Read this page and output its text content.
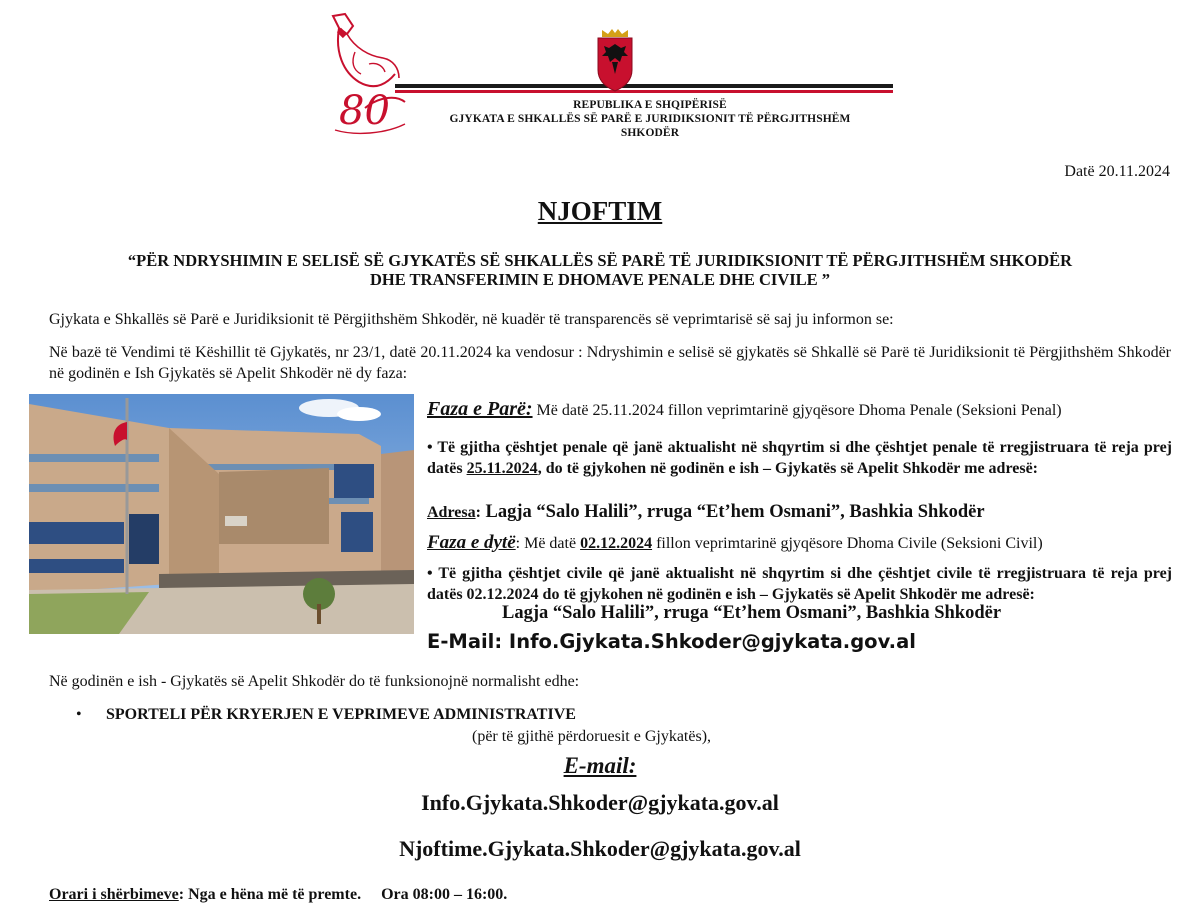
80	REPUBLIKA E SHQIPËRISË
GJYKATA E SHKALLËS SË PARË E JURIDIKSIONIT TË PËRGJITHSHËM
SHKODËR
Datë 20.11.2024
NJOFTIM
“PËR NDRYSHIMIN E SELISË SË GJYKATËS SË SHKALLËS SË PARË TË JURIDIKSIONIT TË PËRGJITHSHËM SHKODËR
DHE TRANSFERIMIN E DHOMAVE PENALE DHE CIVILE ”
Gjykata e Shkallës së Parë e Juridiksionit të Përgjithshëm Shkodër, në kuadër të transparencës së veprimtarisë së saj ju informon se:
Në bazë të Vendimi të Këshillit të Gjykatës, nr 23/1, datë 20.11.2024 ka vendosur : Ndryshimin e selisë së gjykatës së Shkallë së Parë të Juridiksionit të Përgjithshëm Shkodër në godinën e Ish Gjykatës së Apelit Shkodër në dy faza:
Faza e Parë: Më datë 25.11.2024 fillon veprimtarinë gjyqësore Dhoma Penale (Seksioni Penal)
• Të gjitha çështjet penale që janë aktualisht në shqyrtim si dhe çështjet penale të rregjistruara të reja prej datës 25.11.2024, do të gjykohen në godinën e ish – Gjykatës së Apelit Shkodër me adresë:
Adresa: Lagja “Salo Halili”, rruga “Et’hem Osmani”, Bashkia Shkodër
Faza e dytë: Më datë 02.12.2024 fillon veprimtarinë gjyqësore Dhoma Civile (Seksioni Civil)
• Të gjitha çështjet civile që janë aktualisht në shqyrtim si dhe çështjet civile të rregjistruara të reja prej datës 02.12.2024 do të gjykohen në godinën e ish – Gjykatës së Apelit Shkodër me adresë:
Lagja “Salo Halili”, rruga “Et’hem Osmani”, Bashkia Shkodër
E-Mail: Info.Gjykata.Shkoder@gjykata.gov.al
Në godinën e ish - Gjykatës së Apelit Shkodër do të funksionojnë normalisht edhe:
• SPORTELI PËR KRYERJEN E VEPRIMEVE ADMINISTRATIVE
(për të gjithë përdoruesit e Gjykatës),
E-mail:
Info.Gjykata.Shkoder@gjykata.gov.al
Njoftime.Gjykata.Shkoder@gjykata.gov.al
Orari i shërbimeve: Nga e hëna më të premte.     Ora 08:00 – 16:00.
